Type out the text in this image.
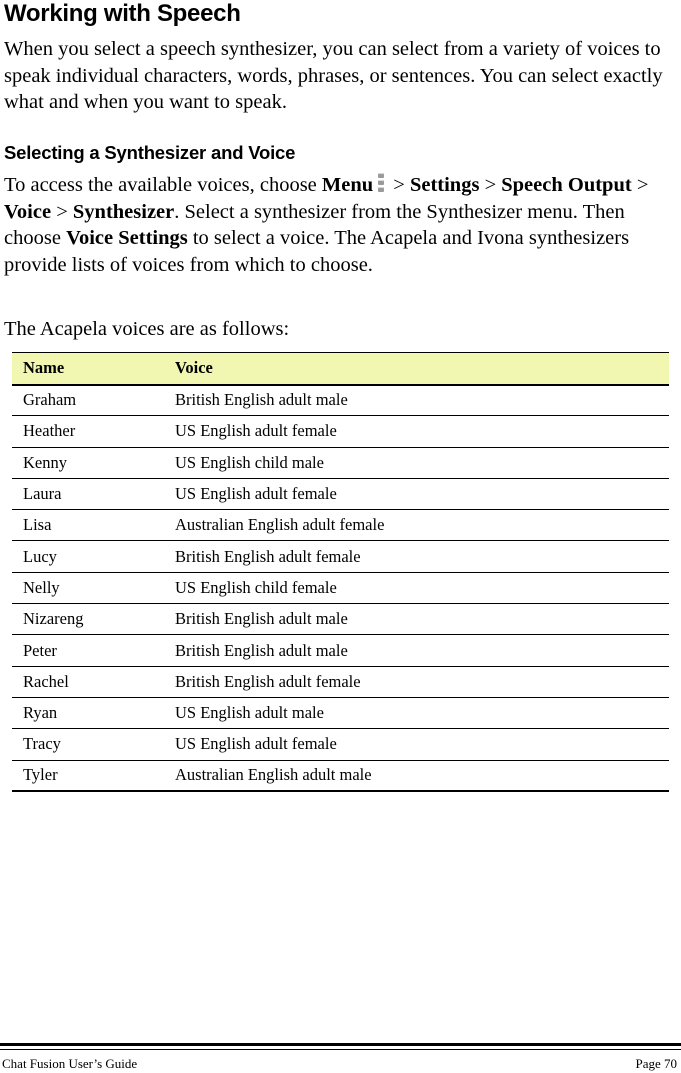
Working with Speech

When you select a speech synthesizer, you can select from a variety of voices to speak individual characters, words, phrases, or sentences. You can select exactly what and when you want to speak.

Selecting a Synthesizer and Voice

To access the available voices, choose Menu
> Settings > Speech Output > Voice > Synthesizer. Select a synthesizer from the Synthesizer menu. Then choose Voice Settings to select a voice. The Acapela and Ivona synthesizers provide lists of voices from which to choose.

The Acapela voices are as follows:

Name	Voice
Graham	British English adult male
Heather	US English adult female
Kenny	US English child male
Laura	US English adult female
Lisa	Australian English adult female
Lucy	British English adult female
Nelly	US English child female
Nizareng	British English adult male
Peter	British English adult male
Rachel	British English adult female
Ryan	US English adult male
Tracy	US English adult female
Tyler	Australian English adult male
Chat Fusion User’s Guide	Page 70
